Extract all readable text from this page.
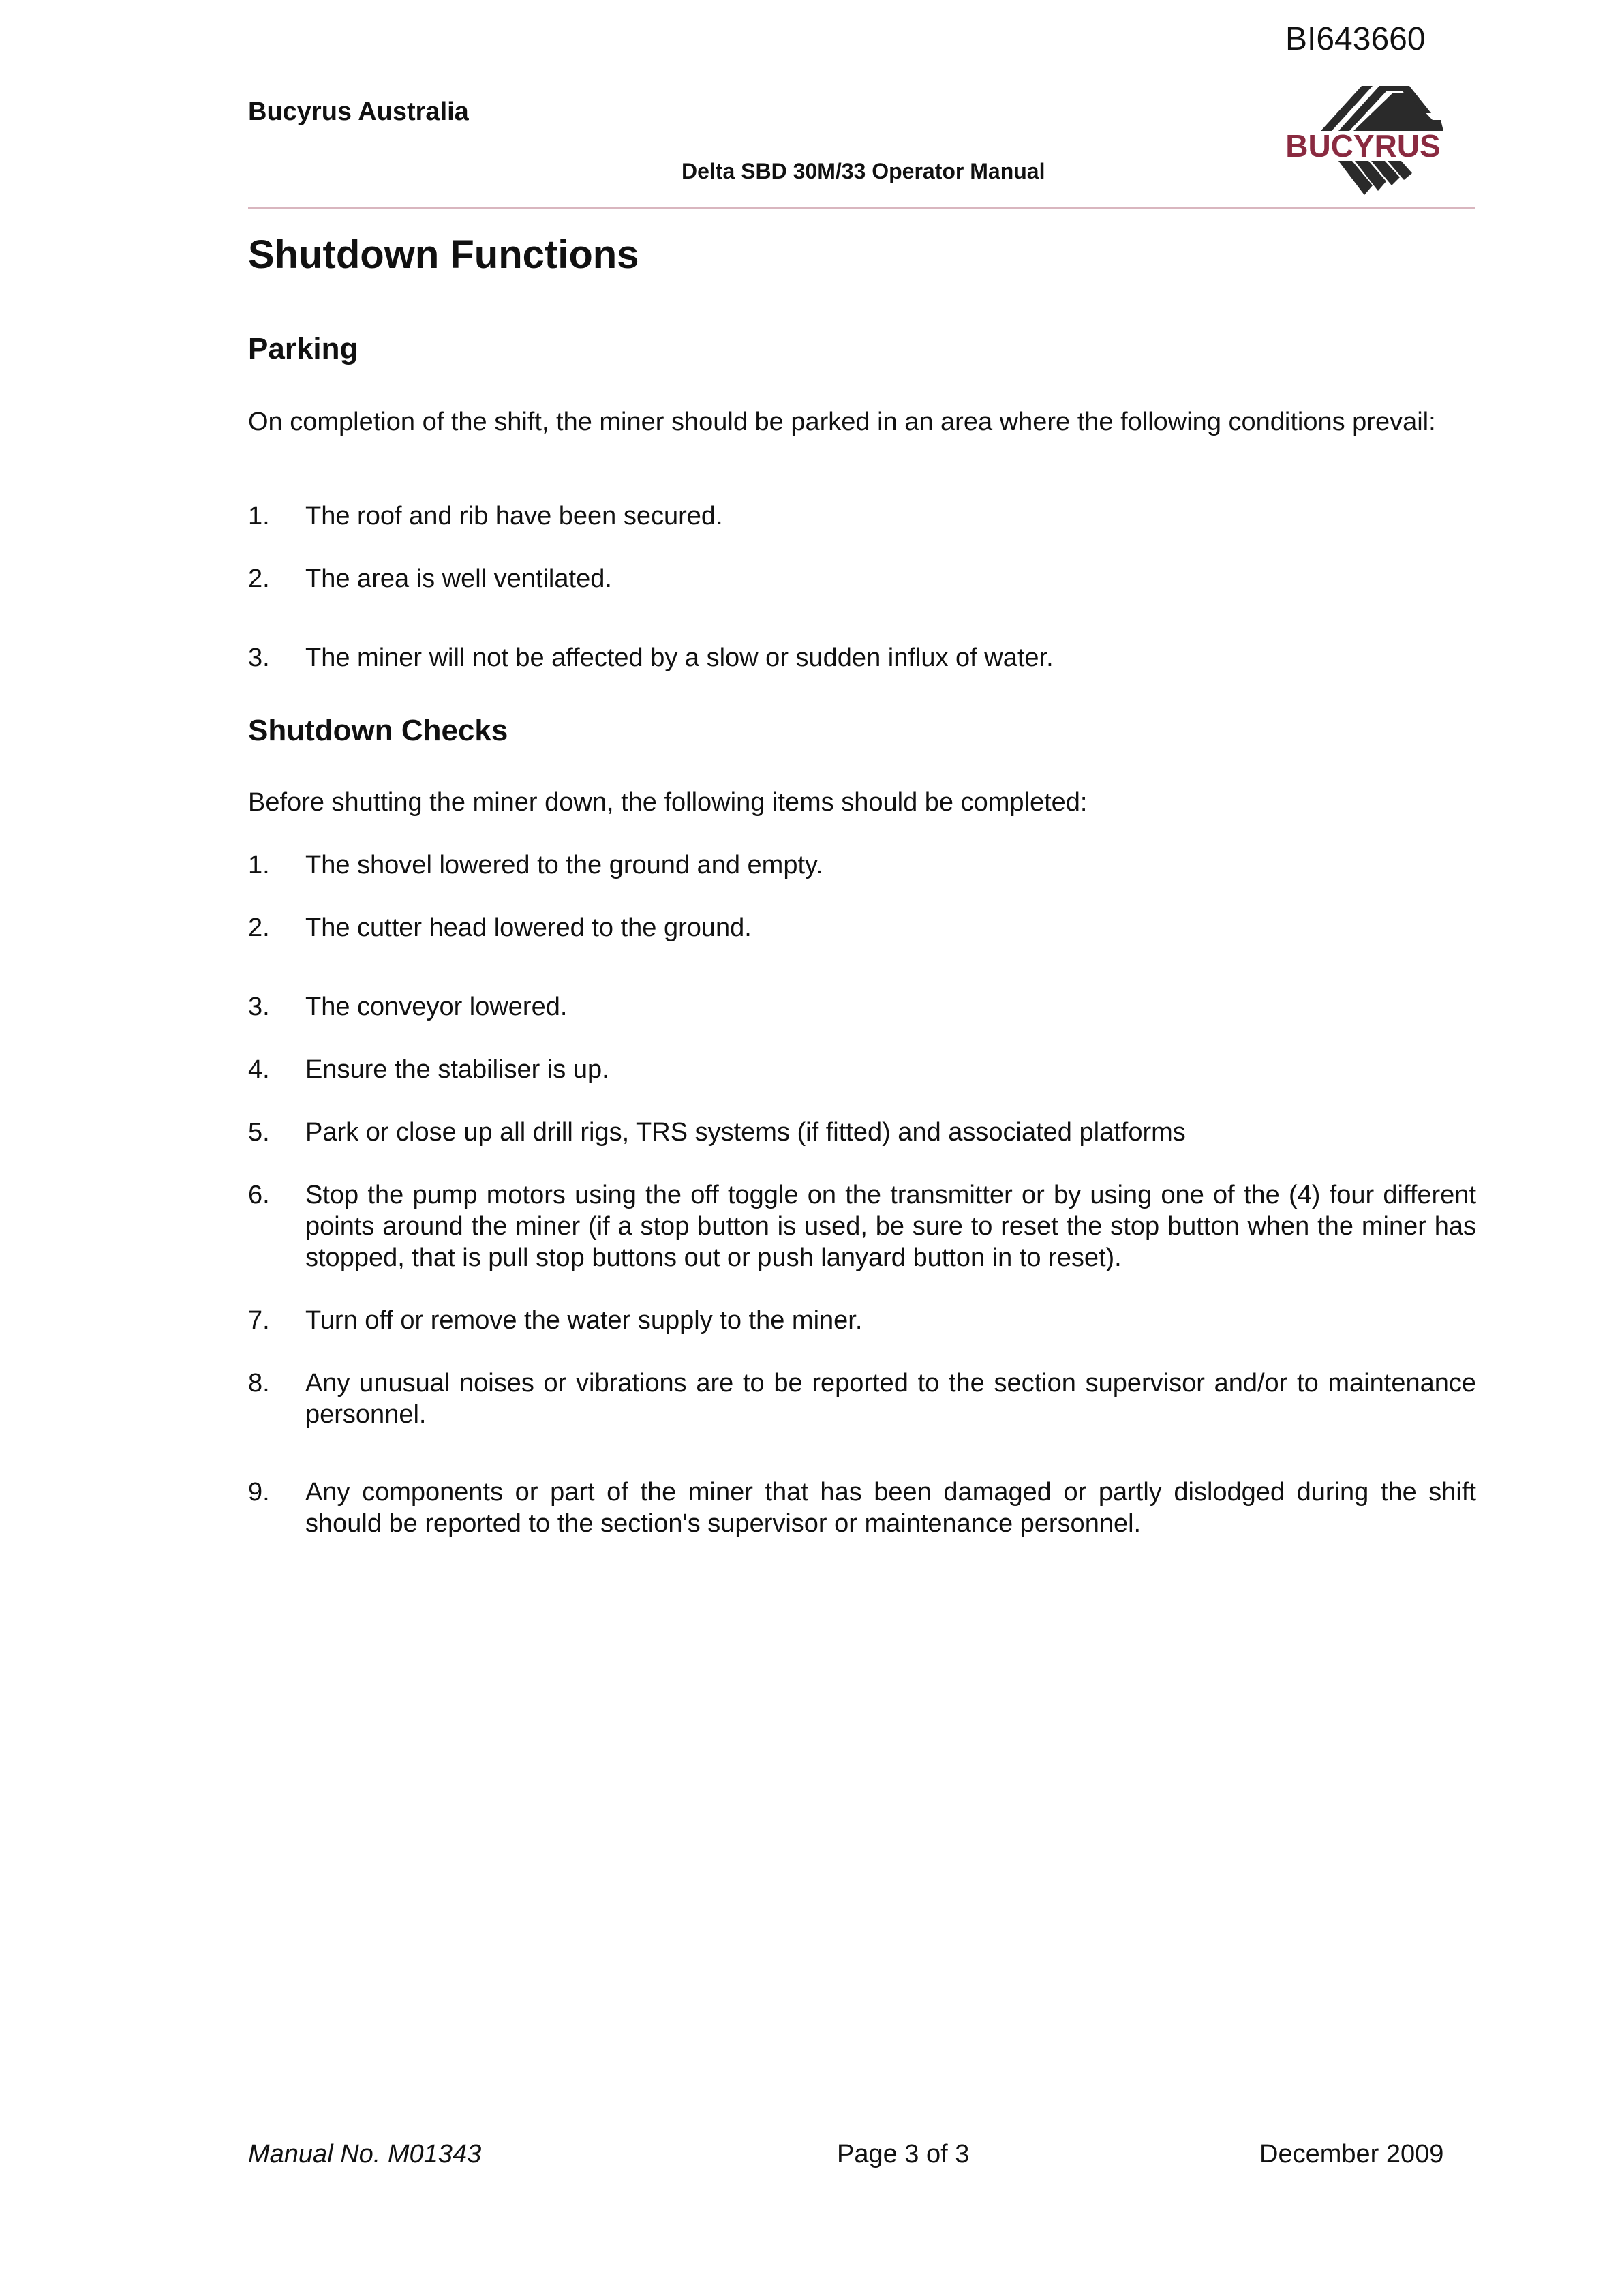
BI643660
Bucyrus Australia
Delta SBD 30M/33 Operator Manual
BUCYRUS
Shutdown Functions
Parking
On completion of the shift, the miner should be parked in an area where the following conditions prevail:
1. The roof and rib have been secured.
2. The area is well ventilated.
3. The miner will not be affected by a slow or sudden influx of water.
Shutdown Checks
Before shutting the miner down, the following items should be completed:
1. The shovel lowered to the ground and empty.
2. The cutter head lowered to the ground.
3. The conveyor lowered.
4. Ensure the stabiliser is up.
5. Park or close up all drill rigs, TRS systems (if fitted) and associated platforms
6. Stop the pump motors using the off toggle on the transmitter or by using one of the (4) four different points around the miner (if a stop button is used, be sure to reset the stop button when the miner has stopped, that is pull stop buttons out or push lanyard button in to reset).
7. Turn off or remove the water supply to the miner.
8. Any unusual noises or vibrations are to be reported to the section supervisor and/or to maintenance personnel.
9. Any components or part of the miner that has been damaged or partly dislodged during the shift should be reported to the section's supervisor or maintenance personnel.
Manual No. M01343	Page 3 of 3	December 2009
